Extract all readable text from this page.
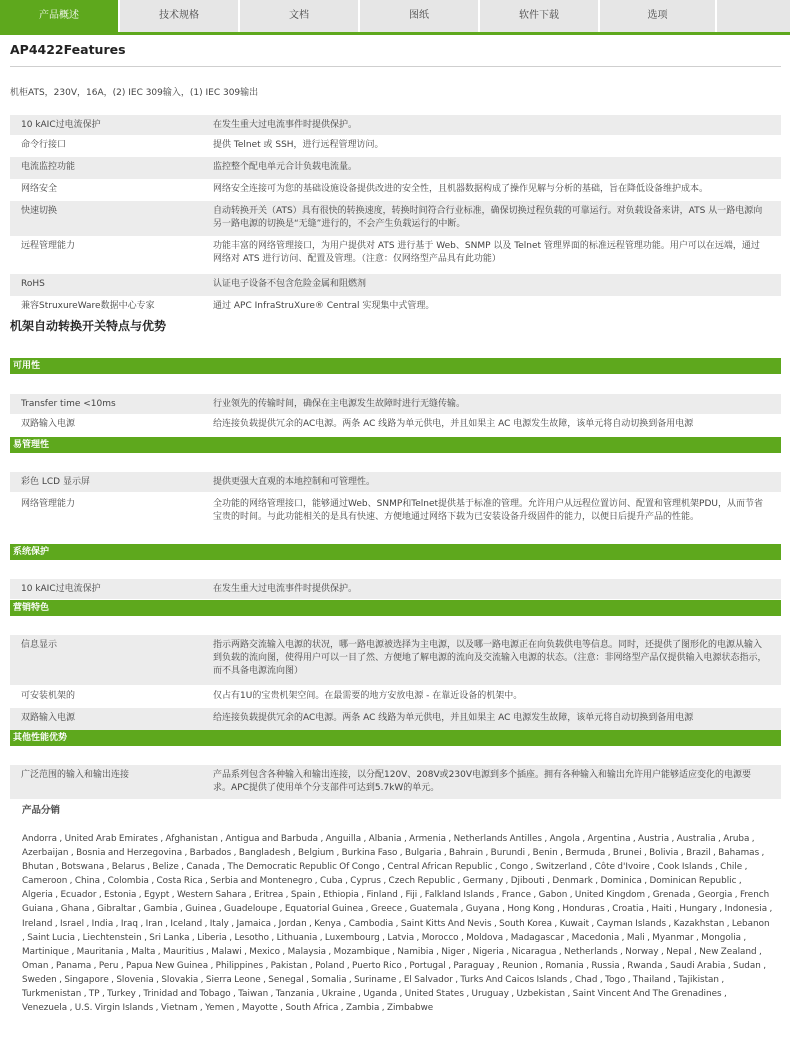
产品概述	技术规格	文档	图纸	软件下载	选项
AP4422Features
机柜ATS，230V，16A，(2) IEC 309输入，(1) IEC 309输出
10 kAIC过电流保护	在发生重大过电流事件时提供保护。
命令行接口	提供 Telnet 或 SSH，进行远程管理访问。
电流监控功能	监控整个配电单元合计负载电流量。
网络安全	网络安全连接可为您的基础设施设备提供改进的安全性，且机器数据构成了操作见解与分析的基础，旨在降低设备维护成本。
快速切换	自动转换开关（ATS）具有很快的转换速度，转换时间符合行业标准，确保切换过程负载的可靠运行。对负载设备来讲，ATS 从一路电源向另一路电源的切换是“无缝”进行的，不会产生负载运行的中断。
远程管理能力	功能丰富的网络管理接口，为用户提供对 ATS 进行基于 Web、SNMP 以及 Telnet 管理界面的标准远程管理功能。用户可以在远端，通过网络对 ATS 进行访问、配置及管理。（注意：仅网络型产品具有此功能）
RoHS	认证电子设备不包含危险金属和阻燃剂
兼容StruxureWare数据中心专家	通过 APC InfraStruXure® Central 实现集中式管理。
机架自动转换开关特点与优势
可用性
Transfer time <10ms	行业领先的传输时间，确保在主电源发生故障时进行无缝传输。
双路输入电源	给连接负载提供冗余的AC电源。两条 AC 线路为单元供电，并且如果主 AC 电源发生故障，该单元将自动切换到备用电源
易管理性
彩色 LCD 显示屏	提供更强大直观的本地控制和可管理性。
网络管理能力	全功能的网络管理接口，能够通过Web、SNMP和Telnet提供基于标准的管理。允许用户从远程位置访问、配置和管理机架PDU，从而节省宝贵的时间。与此功能相关的是具有快速、方便地通过网络下载为已安装设备升级固件的能力，以便日后提升产品的性能。
系统保护
10 kAIC过电流保护	在发生重大过电流事件时提供保护。
营销特色
信息显示	指示两路交流输入电源的状况，哪一路电源被选择为主电源，以及哪一路电源正在向负载供电等信息。同时，还提供了图形化的电源从输入到负载的流向图，使得用户可以一目了然、方便地了解电源的流向及交流输入电源的状态。（注意：非网络型产品仅提供输入电源状态指示，而不具备电源流向图）
可安装机架的	仅占有1U的宝贵机架空间。在最需要的地方安放电源 - 在靠近设备的机架中。
双路输入电源	给连接负载提供冗余的AC电源。两条 AC 线路为单元供电，并且如果主 AC 电源发生故障，该单元将自动切换到备用电源
其他性能优势
广泛范围的输入和输出连接	产品系列包含各种输入和输出连接，以分配120V、208V或230V电源到多个插座。拥有各种输入和输出允许用户能够适应变化的电源要求。APC提供了使用单个分支部件可达到5.7kW的单元。
产品分销
Andorra , United Arab Emirates , Afghanistan , Antigua and Barbuda , Anguilla , Albania , Armenia , Netherlands Antilles , Angola , Argentina , Austria , Australia , Aruba , Azerbaijan , Bosnia and Herzegovina , Barbados , Bangladesh , Belgium , Burkina Faso , Bulgaria , Bahrain , Burundi , Benin , Bermuda , Brunei , Bolivia , Brazil , Bahamas , Bhutan , Botswana , Belarus , Belize , Canada , The Democratic Republic Of Congo , Central African Republic , Congo , Switzerland , Côte d'Ivoire , Cook Islands , Chile , Cameroon , China , Colombia , Costa Rica , Serbia and Montenegro , Cuba , Cyprus , Czech Republic , Germany , Djibouti , Denmark , Dominica , Dominican Republic , Algeria , Ecuador , Estonia , Egypt , Western Sahara , Eritrea , Spain , Ethiopia , Finland , Fiji , Falkland Islands , France , Gabon , United Kingdom , Grenada , Georgia , French Guiana , Ghana , Gibraltar , Gambia , Guinea , Guadeloupe , Equatorial Guinea , Greece , Guatemala , Guyana , Hong Kong , Honduras , Croatia , Haiti , Hungary , Indonesia , Ireland , Israel , India , Iraq , Iran , Iceland , Italy , Jamaica , Jordan , Kenya , Cambodia , Saint Kitts And Nevis , South Korea , Kuwait , Cayman Islands , Kazakhstan , Lebanon , Saint Lucia , Liechtenstein , Sri Lanka , Liberia , Lesotho , Lithuania , Luxembourg , Latvia , Morocco , Moldova , Madagascar , Macedonia , Mali , Myanmar , Mongolia , Martinique , Mauritania , Malta , Mauritius , Malawi , Mexico , Malaysia , Mozambique , Namibia , Niger , Nigeria , Nicaragua , Netherlands , Norway , Nepal , New Zealand , Oman , Panama , Peru , Papua New Guinea , Philippines , Pakistan , Poland , Puerto Rico , Portugal , Paraguay , Reunion , Romania , Russia , Rwanda , Saudi Arabia , Sudan , Sweden , Singapore , Slovenia , Slovakia , Sierra Leone , Senegal , Somalia , Suriname , El Salvador , Turks And Caicos Islands , Chad , Togo , Thailand , Tajikistan , Turkmenistan , TP , Turkey , Trinidad and Tobago , Taiwan , Tanzania , Ukraine , Uganda , United States , Uruguay , Uzbekistan , Saint Vincent And The Grenadines , Venezuela , U.S. Virgin Islands , Vietnam , Yemen , Mayotte , South Africa , Zambia , Zimbabwe
